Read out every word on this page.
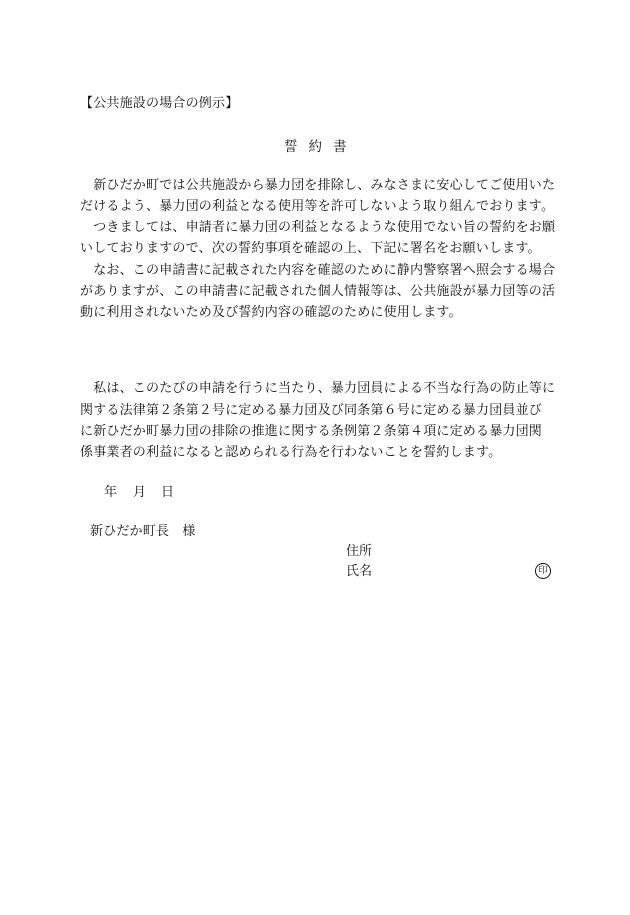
【公共施設の場合の例示】
誓約書
　新ひだか町では公共施設から暴力団を排除し、みなさまに安心してご使用いた
だけるよう、暴力団の利益となる使用等を許可しないよう取り組んでおります。
　つきましては、申請者に暴力団の利益となるような使用でない旨の誓約をお願
いしておりますので、次の誓約事項を確認の上、下記に署名をお願いします。
　なお、この申請書に記載された内容を確認のために静内警察署へ照会する場合
がありますが、この申請書に記載された個人情報等は、公共施設が暴力団等の活
動に利用されないため及び誓約内容の確認のために使用します。
　私は、このたびの申請を行うに当たり、暴力団員による不当な行為の防止等に
関する法律第２条第２号に定める暴力団及び同条第６号に定める暴力団員並び
に新ひだか町暴力団の排除の推進に関する条例第２条第４項に定める暴力団関
係事業者の利益になると認められる行為を行わないことを誓約します。
年 月 日
新ひだか町長　様
住所
氏名	印
